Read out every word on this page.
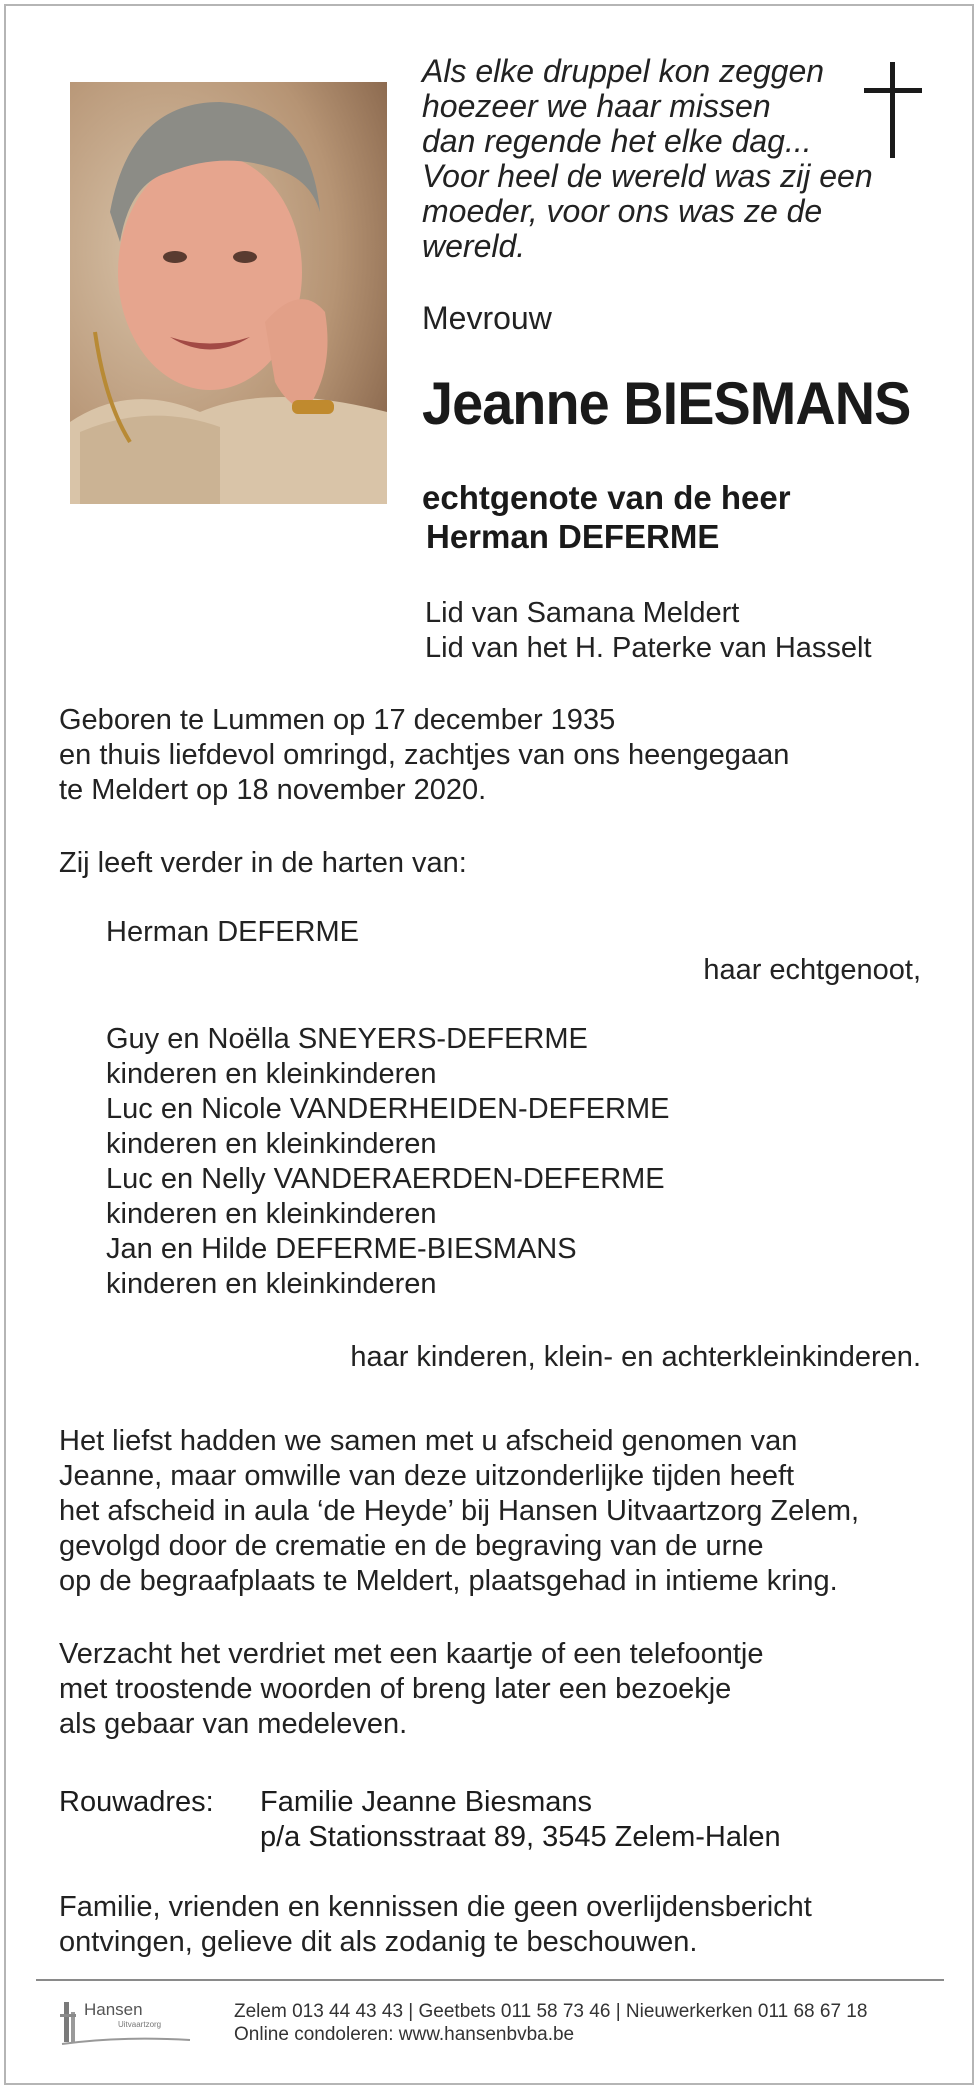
Als elke druppel kon zeggen
hoezeer we haar missen
dan regende het elke dag...
Voor heel de wereld was zij een
moeder, voor ons was ze de
wereld.
Mevrouw
Jeanne BIESMANS
echtgenote van de heer
Herman DEFERME
Lid van Samana Meldert
Lid van het H. Paterke van Hasselt
Geboren te Lummen op 17 december 1935
en thuis liefdevol omringd, zachtjes van ons heengegaan
te Meldert op 18 november 2020.
Zij leeft verder in de harten van:
Herman DEFERME
haar echtgenoot,
Guy en Noëlla SNEYERS-DEFERME
kinderen en kleinkinderen
Luc en Nicole VANDERHEIDEN-DEFERME
kinderen en kleinkinderen
Luc en Nelly VANDERAERDEN-DEFERME
kinderen en kleinkinderen
Jan en Hilde DEFERME-BIESMANS
kinderen en kleinkinderen
haar kinderen, klein- en achterkleinkinderen.
Het liefst hadden we samen met u afscheid genomen van
Jeanne, maar omwille van deze uitzonderlijke tijden heeft
het afscheid in aula ‘de Heyde’ bij Hansen Uitvaartzorg Zelem,
gevolgd door de crematie en de begraving van de urne
op de begraafplaats te Meldert, plaatsgehad in intieme kring.
Verzacht het verdriet met een kaartje of een telefoontje
met troostende woorden of breng later een bezoekje
als gebaar van medeleven.
Rouwadres: Familie Jeanne Biesmans
p/a Stationsstraat 89, 3545 Zelem-Halen
Familie, vrienden en kennissen die geen overlijdensbericht
ontvingen, gelieve dit als zodanig te beschouwen.
Hansen
Uitvaartzorg
Zelem 013 44 43 43 | Geetbets 011 58 73 46 | Nieuwerkerken 011 68 67 18
Online condoleren: www.hansenbvba.be
